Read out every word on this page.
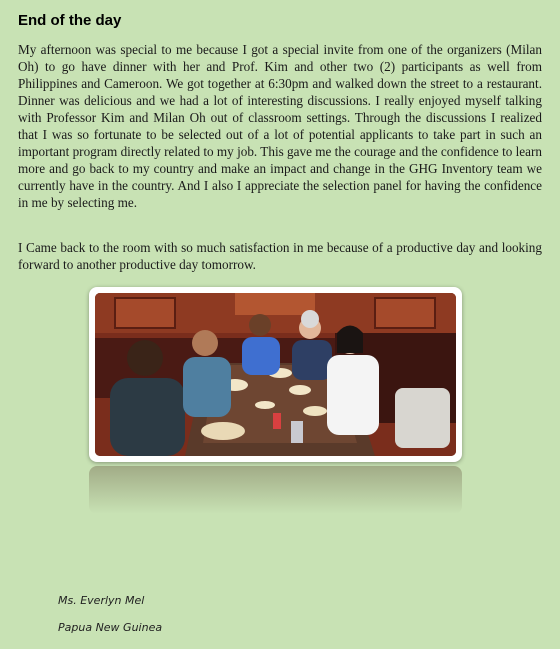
End of the day

My afternoon was special to me because I got a special invite from one of the organizers (Milan Oh) to go have dinner with her and Prof. Kim and other two (2) participants as well from Philippines and Cameroon. We got together at 6:30pm and walked down the street to a restaurant. Dinner was delicious and we had a lot of interesting discussions. I really enjoyed myself talking with Professor Kim and Milan Oh out of classroom settings. Through the discussions I realized that I was so fortunate to be selected out of a lot of potential applicants to take part in such an important program directly related to my job. This gave me the courage and the confidence to learn more and go back to my country and make an impact and change in the GHG Inventory team we currently have in the country. And I also I appreciate the selection panel for having the confidence in me by selecting me.

I Came back to the room with so much satisfaction in me because of a productive day and looking forward to another productive day tomorrow.

Ms. Everlyn Mel
Papua New Guinea
